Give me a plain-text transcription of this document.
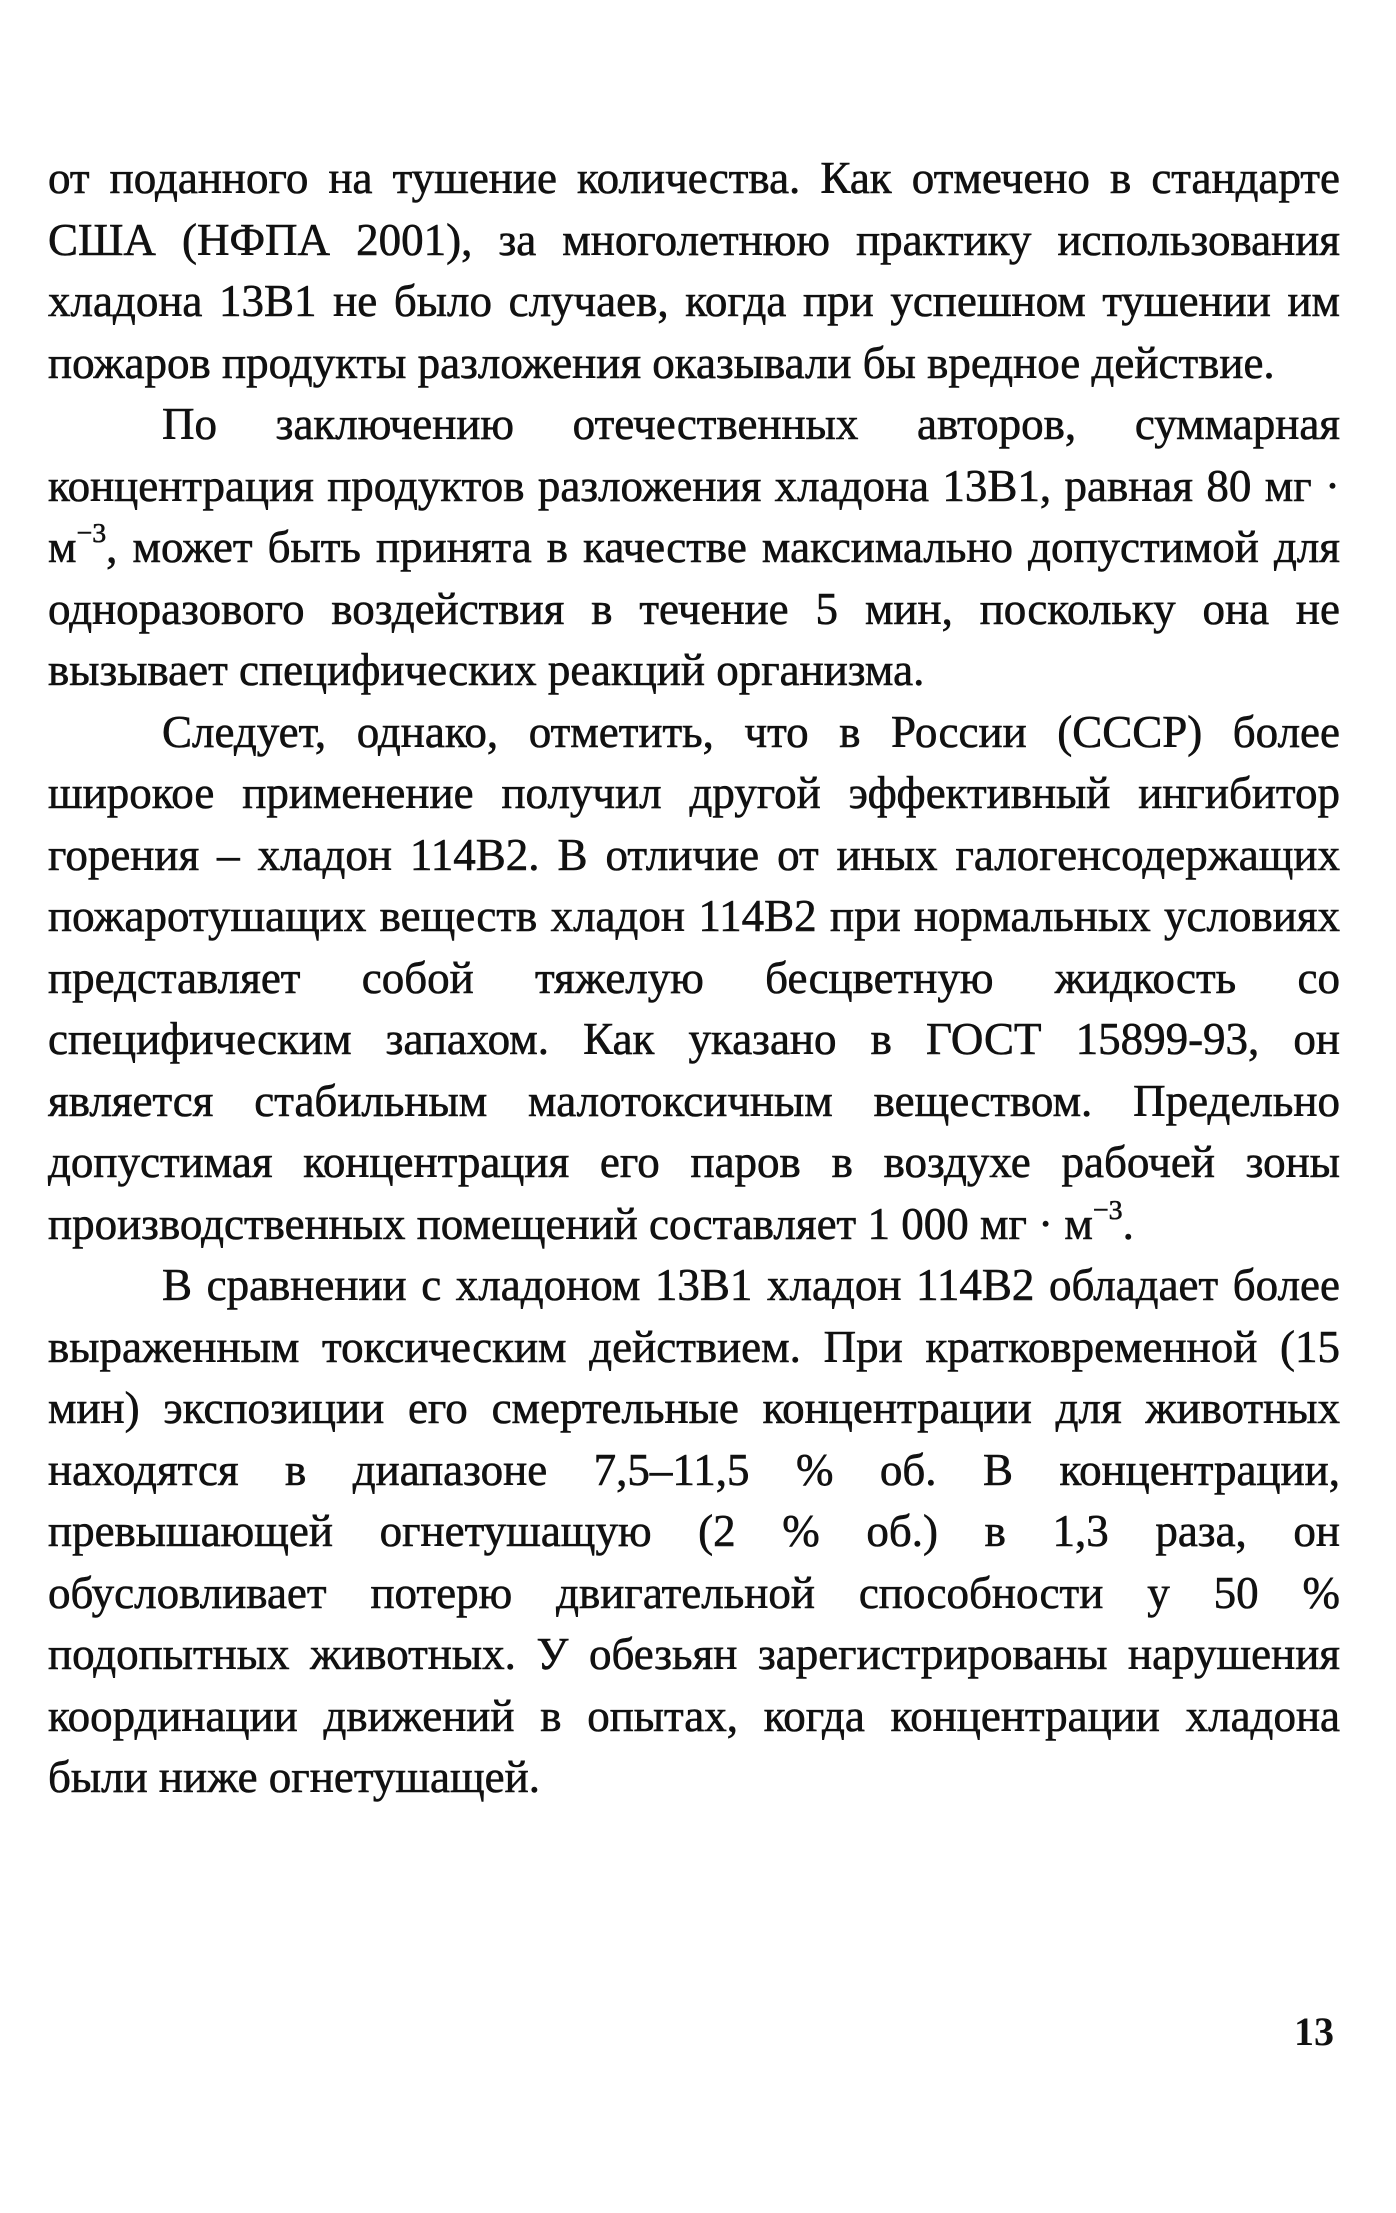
от поданного на тушение количества. Как отмечено в стандарте США (НФПА 2001), за многолетнюю практику использования хладона 13В1 не было случаев, когда при успешном тушении им пожаров продукты разложения оказывали бы вредное действие.

По заключению отечественных авторов, суммарная концентрация продуктов разложения хладона 13В1, равная 80 мг · $м^{-3}$, может быть принята в качестве максимально допустимой для одноразового воздействия в течение 5 мин, поскольку она не вызывает специфических реакций организма.

Следует, однако, отметить, что в России (СССР) более широкое применение получил другой эффективный ингибитор горения – хладон 114В2. В отличие от иных галогенсодержащих пожаротушащих веществ хладон 114В2 при нормальных условиях представляет собой тяжелую бесцветную жидкость со специфическим запахом. Как указано в ГОСТ 15899-93, он является стабильным малотоксичным веществом. Предельно допустимая концентрация его паров в воздухе рабочей зоны производственных помещений составляет 1 000 мг · $м^{-3}$.

В сравнении с хладоном 13В1 хладон 114В2 обладает более выраженным токсическим действием. При кратковременной (15 мин) экспозиции его смертельные концентрации для животных находятся в диапазоне 7,5–11,5 % об. В концентрации, превышающей огнетушащую (2 % об.) в 1,3 раза, он обусловливает потерю двигательной способности у 50 % подопытных животных. У обезьян зарегистрированы нарушения координации движений в опытах, когда концентрации хладона были ниже огнетушащей.

13
